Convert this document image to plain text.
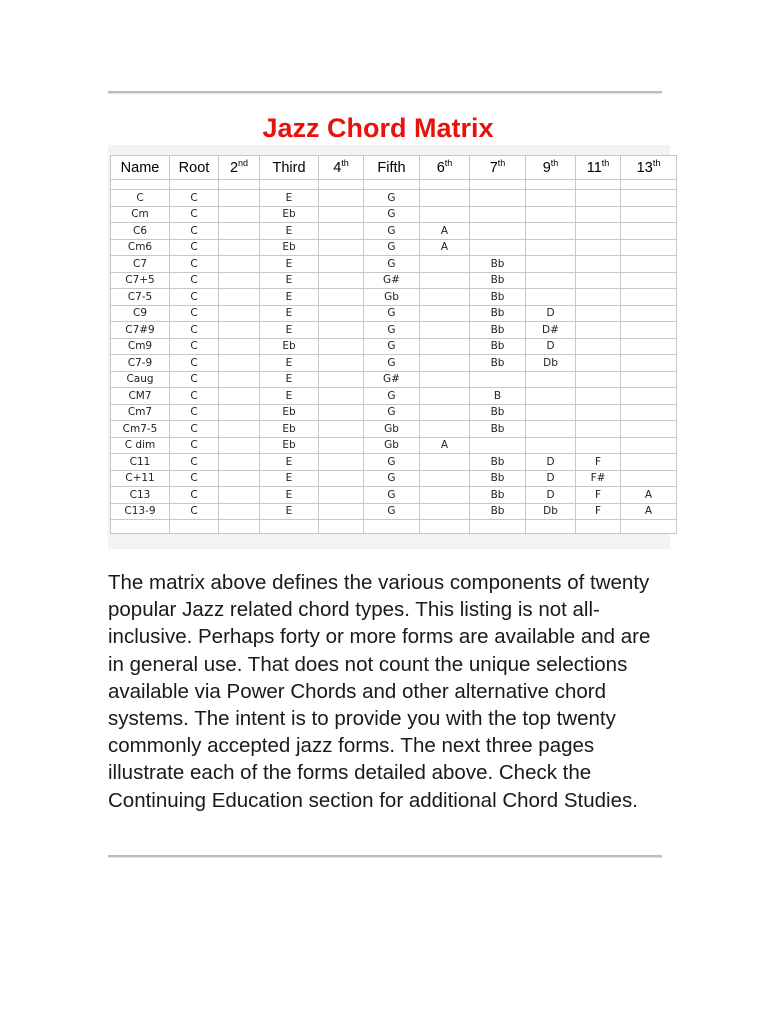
Jazz Chord Matrix
Name	Root	2nd	Third	4th	Fifth	6th	7th	9th	11th	13th

C	C		E		G					
Cm	C		Eb		G					
C6	C		E		G	A				
Cm6	C		Eb		G	A				
C7	C		E		G		Bb			
C7+5	C		E		G#		Bb			
C7-5	C		E		Gb		Bb			
C9	C		E		G		Bb	D		
C7#9	C		E		G		Bb	D#		
Cm9	C		Eb		G		Bb	D		
C7-9	C		E		G		Bb	Db		
Caug	C		E		G#					
CM7	C		E		G		B			
Cm7	C		Eb		G		Bb			
Cm7-5	C		Eb		Gb		Bb			
C dim	C		Eb		Gb	A				
C11	C		E		G		Bb	D	F	
C+11	C		E		G		Bb	D	F#	
C13	C		E		G		Bb	D	F	A
C13-9	C		E		G		Bb	Db	F	A

The matrix above defines the various components of twenty popular Jazz related chord types. This listing is not all-inclusive. Perhaps forty or more forms are available and are in general use. That does not count the unique selections available via Power Chords and other alternative chord systems. The intent is to provide you with the top twenty commonly accepted jazz forms. The next three pages illustrate each of the forms detailed above. Check the Continuing Education section for additional Chord Studies.
